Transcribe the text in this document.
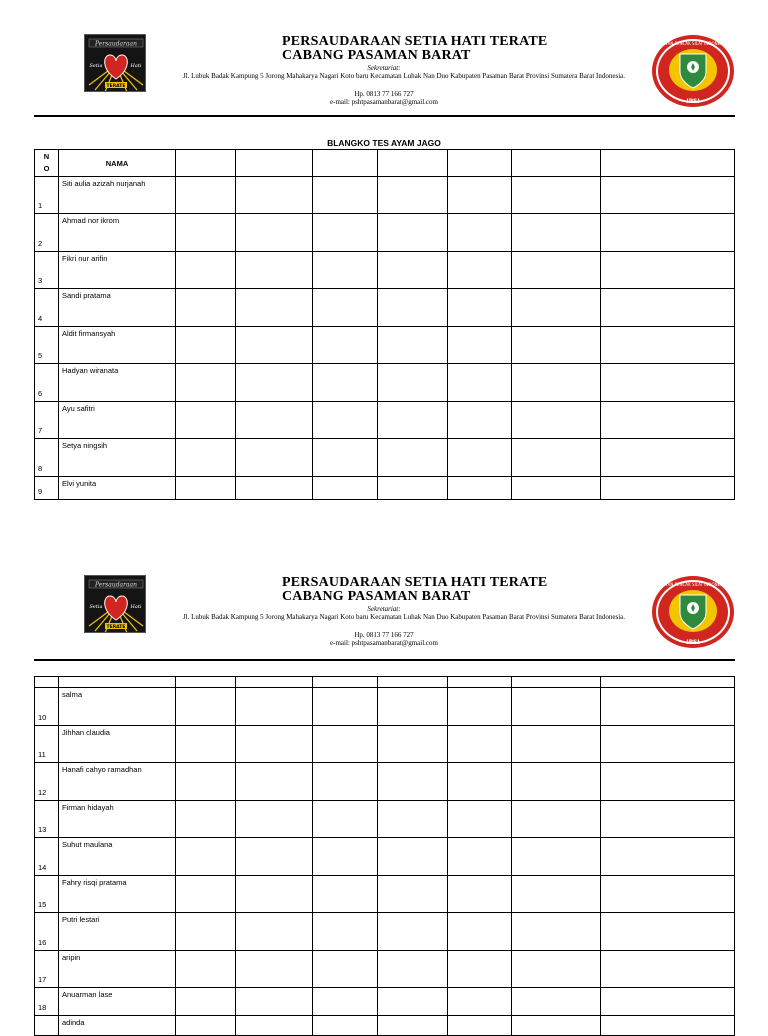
Persaudaraan
Setia	Hati
TERATE
PERSAUDARAAN SETIA HATI TERATE
CABANG PASAMAN BARAT
Sekretariat:
Jl. Lubuk Badak Kampung 5 Jorong Mahakarya Nagari Koto baru Kecamatan Luhak Nan Duo Kabupaten Pasaman Barat Provinsi Sumatera Barat Indonesia.
Hp. 0813 77 166 727
e-mail: pshtpasamanbarat@gmail.com	IPSI
IKATAN PENCAK SILAT INDONESIA
BLANGKO TES AYAM JAGO
N
O	NAMA							

1	Siti aulia azizah nurjanah							

2	Ahmad nor ikrom							

3	Fikri nur arifin							

4	Sandi pratama							

5	Aldit firmansyah							

6	Hadyan wiranata							

7	Ayu safitri							

8	Setya ningsih							

9	Elvi yunita							

Persaudaraan
Setia	Hati
TERATE
PERSAUDARAAN SETIA HATI TERATE
CABANG PASAMAN BARAT
Sekretariat:
Jl. Lubuk Badak Kampung 5 Jorong Mahakarya Nagari Koto baru Kecamatan Luhak Nan Duo Kabupaten Pasaman Barat Provinsi Sumatera Barat Indonesia.
Hp. 0813 77 166 727
e-mail: pshtpasamanbarat@gmail.com	IPSI
IKATAN PENCAK SILAT INDONESIA

10	salma							

11	Jihhan claudia							

12	Hanafi cahyo ramadhan							

13	Firman hidayah							

14	Suhut maulana							

15	Fahry risqi pratama							

16	Putri lestari							

17	aripin							

18	Anuarman lase							

	adinda							
